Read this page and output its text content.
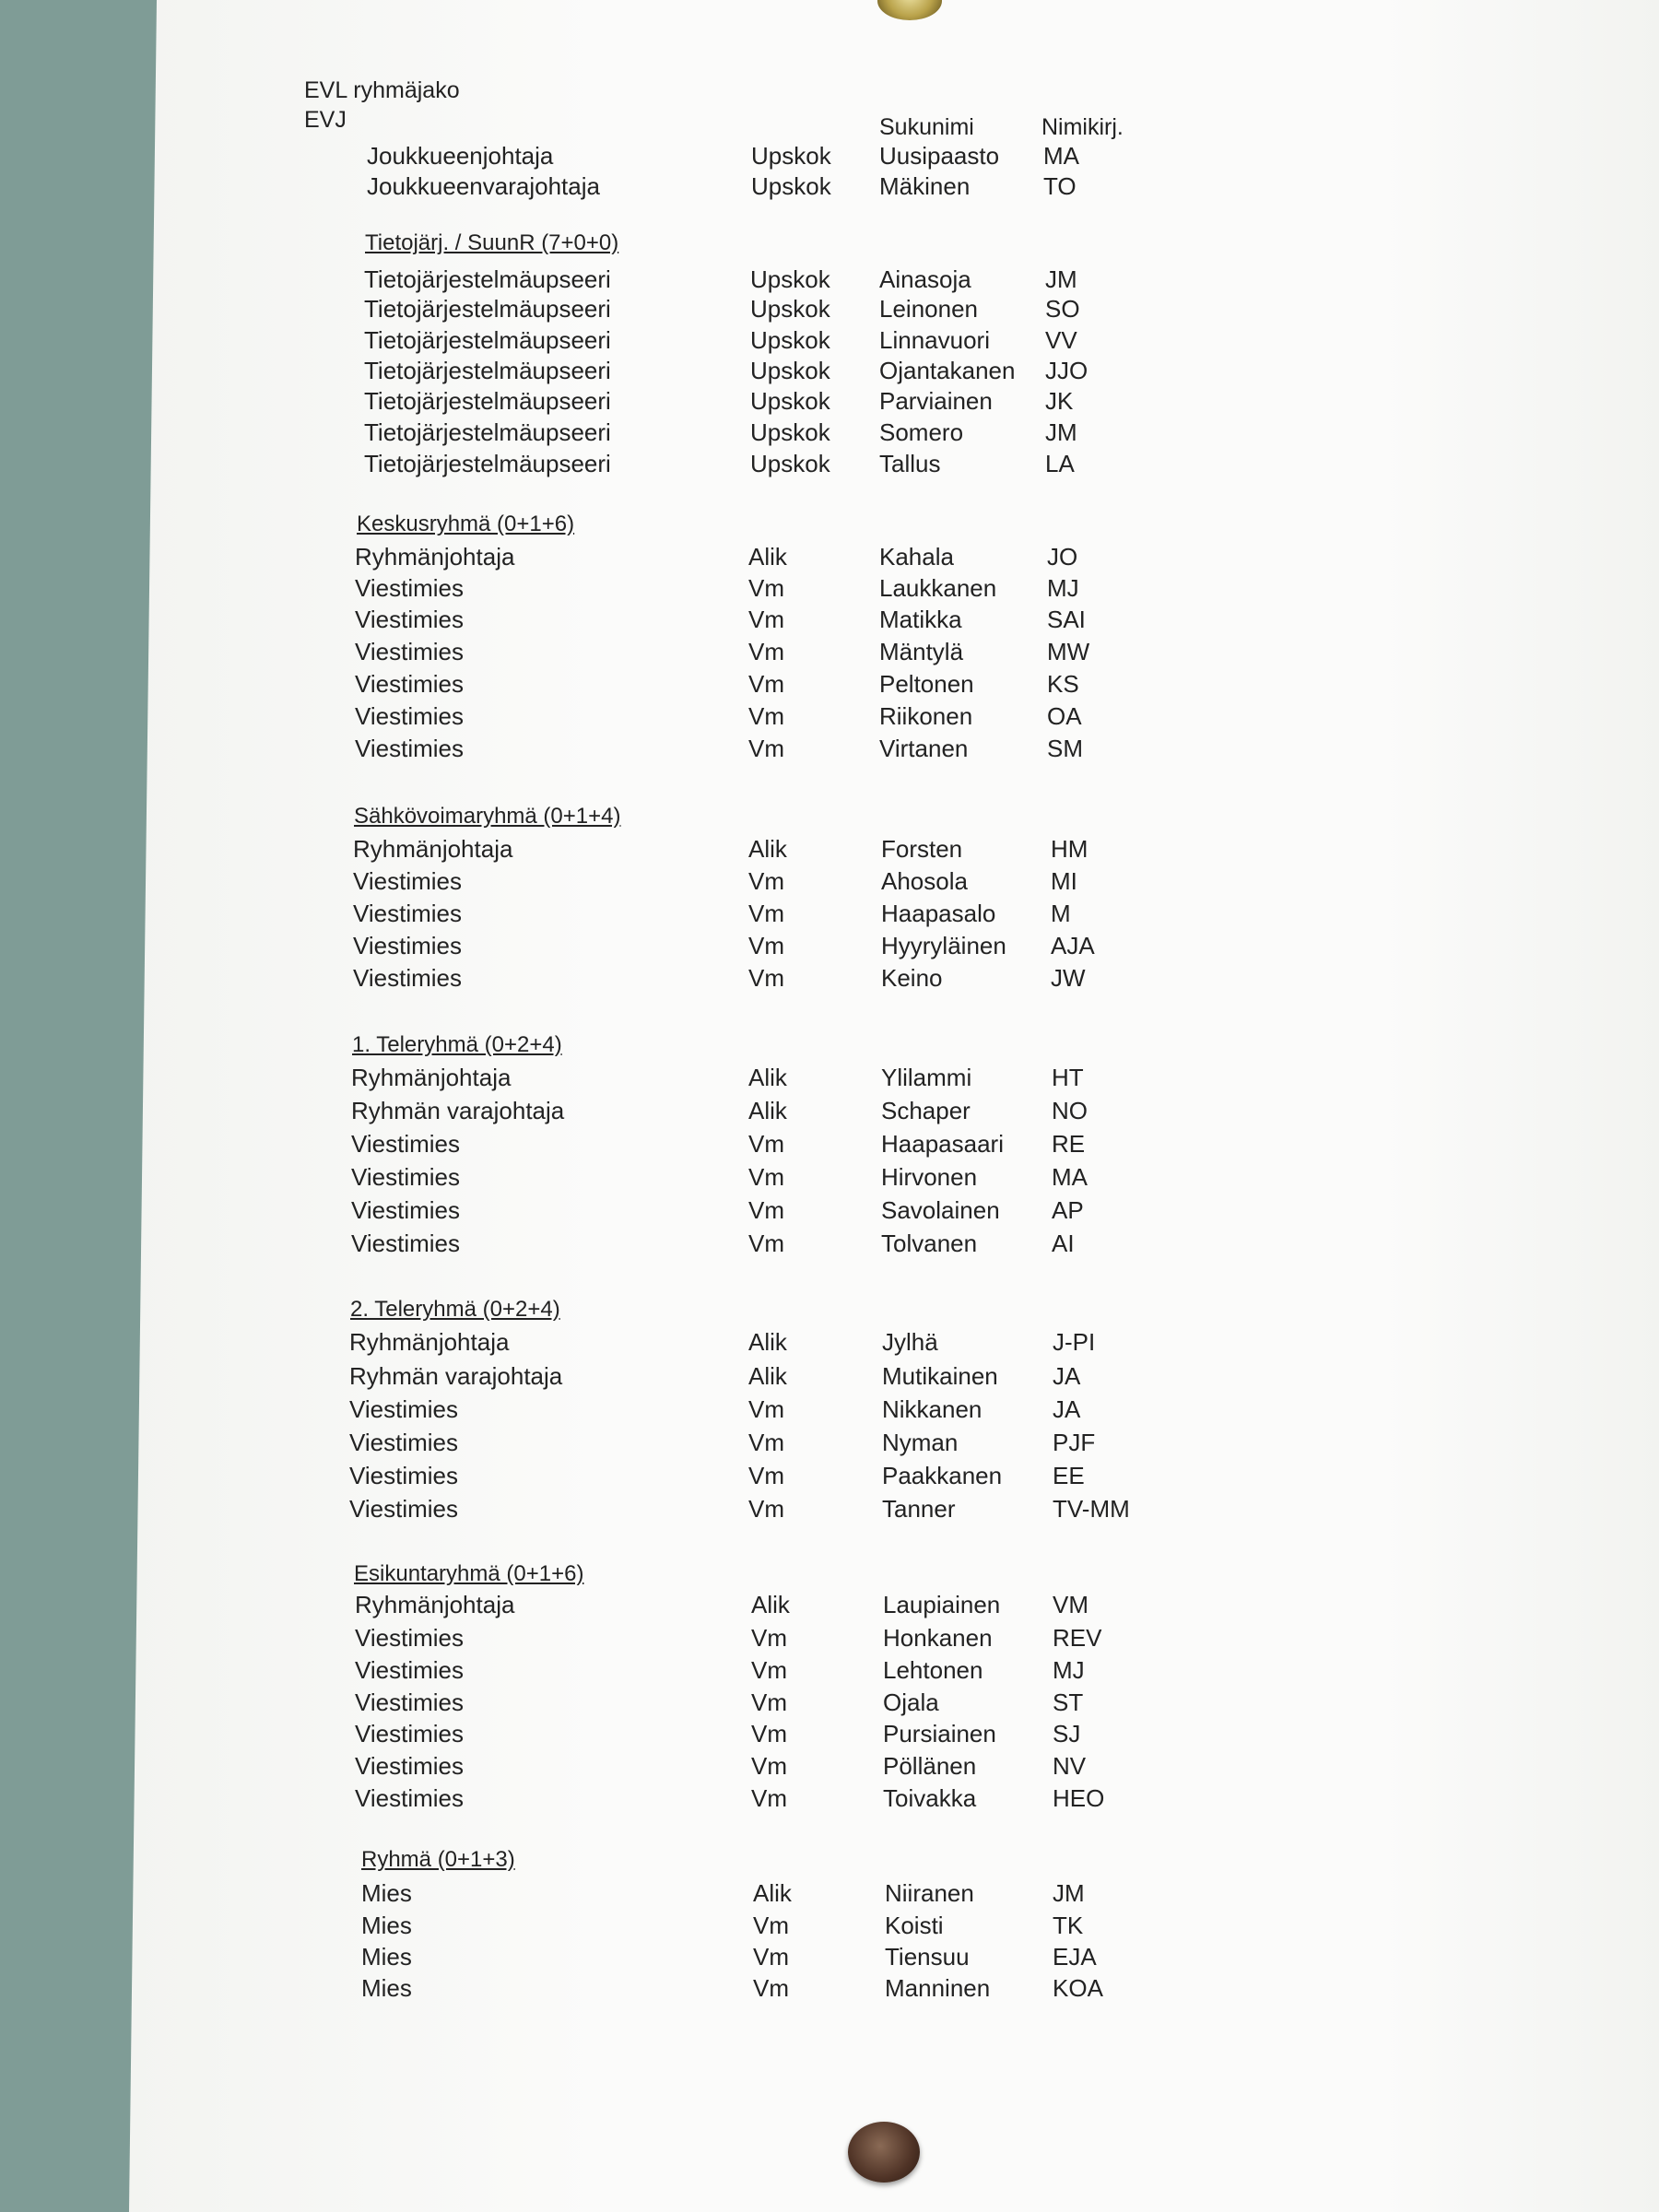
EVL ryhmäjako
EVJ	Sukunimi	Nimikirj.
Joukkueenjohtaja	Upskok Uusipaasto MA
Joukkueenvarajohtaja	Upskok Mäkinen	TO
Tietojärj. / SuunR (7+0+0)
Tietojärjestelmäupseeri	Upskok Ainasoja	JM
Tietojärjestelmäupseeri	Upskok Leinonen	SO
Tietojärjestelmäupseeri	Upskok Linnavuori VV
Tietojärjestelmäupseeri	Upskok Ojantakanen JJO
Tietojärjestelmäupseeri	Upskok Parviainen JK
Tietojärjestelmäupseeri	Upskok Somero	JM
Tietojärjestelmäupseeri	Upskok Tallus	LA
Keskusryhmä (0+1+6)
Ryhmänjohtaja	Alik	Kahala	JO
Viestimies	Vm	Laukkanen MJ
Viestimies	Vm	Matikka	SAI
Viestimies	Vm	Mäntylä	MW
Viestimies	Vm	Peltonen	KS
Viestimies	Vm	Riikonen	OA
Viestimies	Vm	Virtanen	SM
Sähkövoimaryhmä (0+1+4)
Ryhmänjohtaja	Alik	Forsten	HM
Viestimies	Vm	Ahosola	MI
Viestimies	Vm	Haapasalo M
Viestimies	Vm	Hyyryläinen AJA
Viestimies	Vm	Keino	JW
1. Teleryhmä (0+2+4)
Ryhmänjohtaja	Alik	Ylilammi	HT
Ryhmän varajohtaja	Alik	Schaper	NO
Viestimies	Vm	Haapasaari RE
Viestimies	Vm	Hirvonen	MA
Viestimies	Vm	Savolainen AP
Viestimies	Vm	Tolvanen	AI
2. Teleryhmä (0+2+4)
Ryhmänjohtaja	Alik	Jylhä	J-PI
Ryhmän varajohtaja	Alik	Mutikainen JA
Viestimies	Vm	Nikkanen	JA
Viestimies	Vm	Nyman	PJF
Viestimies	Vm	Paakkanen EE
Viestimies	Vm	Tanner	TV-MM
Esikuntaryhmä (0+1+6)
Ryhmänjohtaja	Alik	Laupiainen VM
Viestimies	Vm	Honkanen	REV
Viestimies	Vm	Lehtonen	MJ
Viestimies	Vm	Ojala	ST
Viestimies	Vm	Pursiainen SJ
Viestimies	Vm	Pöllänen	NV
Viestimies	Vm	Toivakka	HEO
Ryhmä (0+1+3)
Mies	Alik	Niiranen	JM
Mies	Vm	Koisti	TK
Mies	Vm	Tiensuu	EJA
Mies	Vm	Manninen	KOA
